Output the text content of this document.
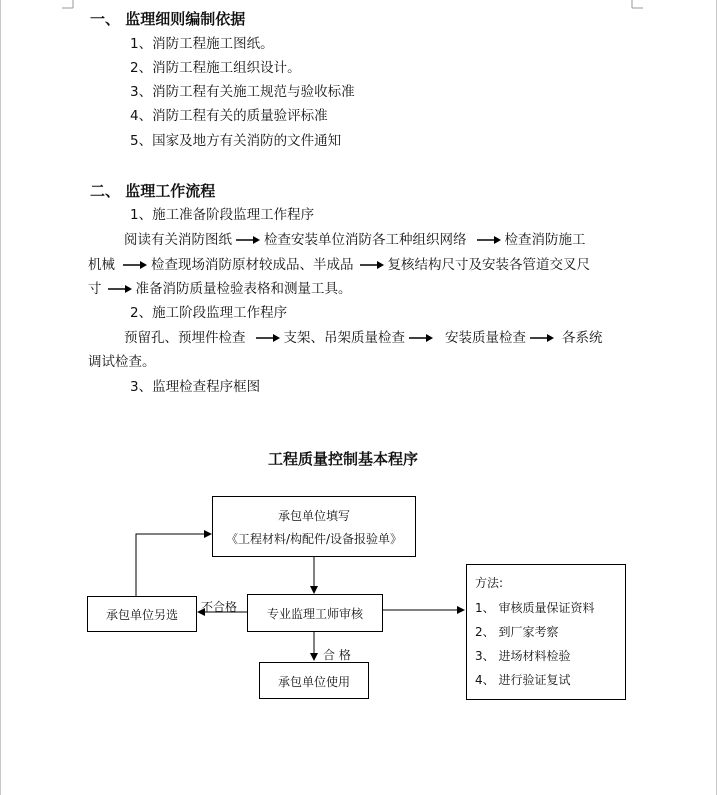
一、 监理细则编制依据
1、消防工程施工图纸。
2、消防工程施工组织设计。
3、消防工程有关施工规范与验收标准
4、消防工程有关的质量验评标准
5、国家及地方有关消防的文件通知
二、 监理工作流程
1、施工准备阶段监理工作程序
阅读有关消防图纸 检查安装单位消防各工种组织网络	检查消防施工
机械	检查现场消防原材较成品、半成品	复核结构尺寸及安装各管道交叉尺
寸	准备消防质量检验表格和测量工具。
2、施工阶段监理工作程序
预留孔、预埋件检查	支架、吊架质量检查	安装质量检查	各系统
调试检查。
3、监理检查程序框图
工程质量控制基本程序
承包单位填写
《工程材料/构配件/设备报验单》
专业监理工师审核
承包单位另选
承包单位使用
不合格
合 格
方法:
1、 审核质量保证资料
2、 到厂家考察
3、 进场材料检验
4、 进行验证复试
